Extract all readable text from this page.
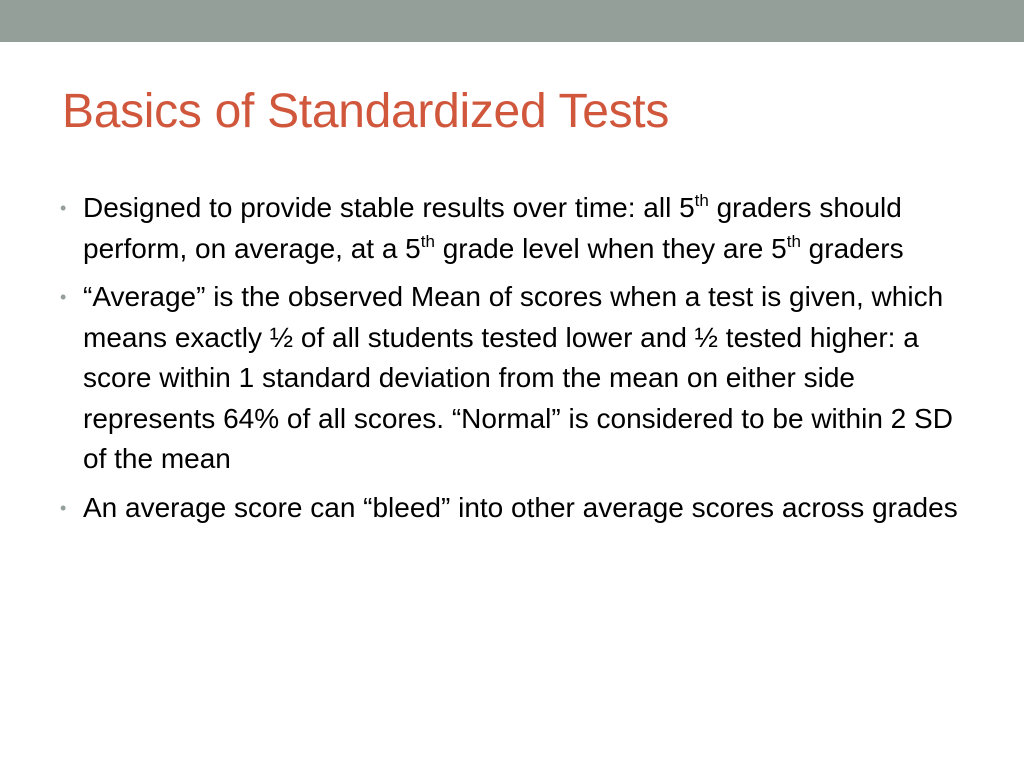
Basics of Standardized Tests
• Designed to provide stable results over time: all 5th graders should perform, on average, at a 5th grade level when they are 5th graders
• “Average” is the observed Mean of scores when a test is given, which means exactly ½ of all students tested lower and ½ tested higher: a score within 1 standard deviation from the mean on either side represents 64% of all scores. “Normal” is considered to be within 2 SD of the mean
• An average score can “bleed” into other average scores across grades
